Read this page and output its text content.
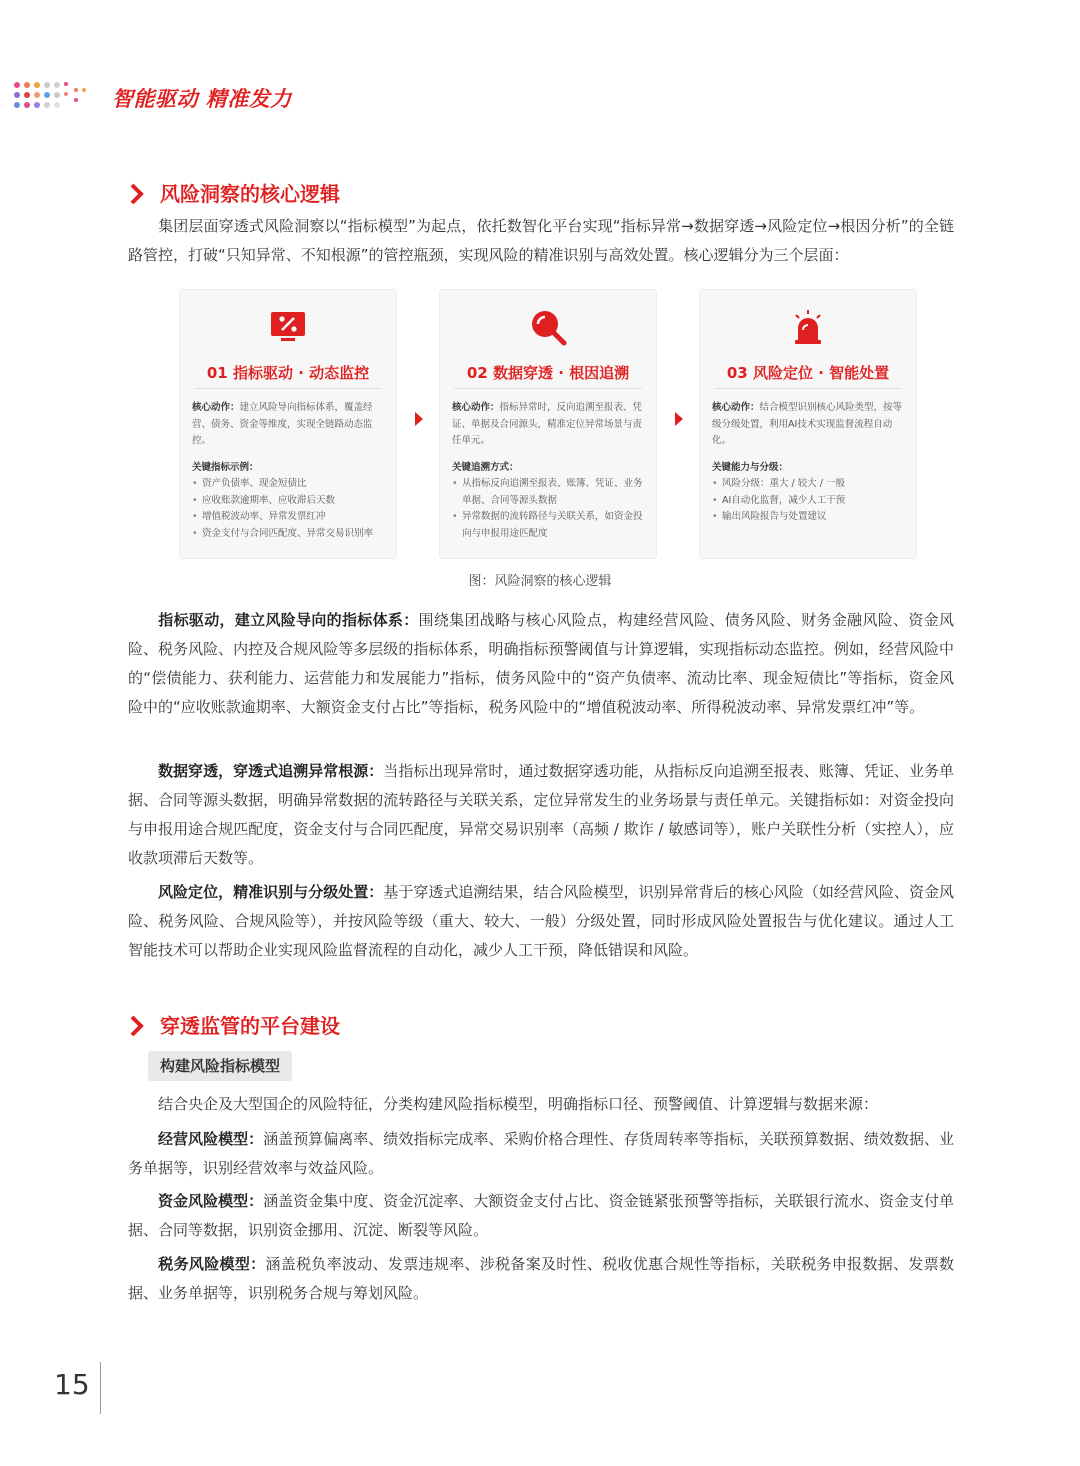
智能驱动 精准发力
风险洞察的核心逻辑
集团层面穿透式风险洞察以“指标模型”为起点，依托数智化平台实现“指标异常→数据穿透→风险定位→根因分析”的全链路管控，打破“只知异常、不知根源”的管控瓶颈，实现风险的精准识别与高效处置。核心逻辑分为三个层面：
01 指标驱动 · 动态监控
核心动作：建立风险导向指标体系，覆盖经营、债务、资金等维度，实现全链路动态监控。
关键指标示例：
• 资产负债率、现金短债比
• 应收账款逾期率、应收滞后天数
• 增值税波动率、异常发票红冲
• 资金支付与合同匹配度、异常交易识别率
02 数据穿透 · 根因追溯
核心动作：指标异常时，反向追溯至报表、凭证、单据及合同源头，精准定位异常场景与责任单元。
关键追溯方式：
• 从指标反向追溯至报表、账簿、凭证、业务单据、合同等源头数据
• 异常数据的流转路径与关联关系，如资金投向与申报用途匹配度
03 风险定位 · 智能处置
核心动作：结合模型识别核心风险类型，按等级分级处置，利用AI技术实现监督流程自动化。
关键能力与分级：
• 风险分级：重大 / 较大 / 一般
• AI自动化监督，减少人工干预
• 输出风险报告与处置建议
图：风险洞察的核心逻辑
指标驱动，建立风险导向的指标体系：围绕集团战略与核心风险点，构建经营风险、债务风险、财务金融风险、资金风险、税务风险、内控及合规风险等多层级的指标体系，明确指标预警阈值与计算逻辑，实现指标动态监控。例如，经营风险中的“偿债能力、获利能力、运营能力和发展能力”指标，债务风险中的“资产负债率、流动比率、现金短债比”等指标，资金风险中的“应收账款逾期率、大额资金支付占比”等指标，税务风险中的“增值税波动率、所得税波动率、异常发票红冲”等。
数据穿透，穿透式追溯异常根源：当指标出现异常时，通过数据穿透功能，从指标反向追溯至报表、账簿、凭证、业务单据、合同等源头数据，明确异常数据的流转路径与关联关系，定位异常发生的业务场景与责任单元。关键指标如：对资金投向与申报用途合规匹配度，资金支付与合同匹配度，异常交易识别率（高频 / 欺诈 / 敏感词等），账户关联性分析（实控人），应收款项滞后天数等。
风险定位，精准识别与分级处置：基于穿透式追溯结果，结合风险模型，识别异常背后的核心风险（如经营风险、资金风险、税务风险、合规风险等），并按风险等级（重大、较大、一般）分级处置，同时形成风险处置报告与优化建议。通过人工智能技术可以帮助企业实现风险监督流程的自动化，减少人工干预，降低错误和风险。
穿透监管的平台建设
构建风险指标模型
结合央企及大型国企的风险特征，分类构建风险指标模型，明确指标口径、预警阈值、计算逻辑与数据来源：
经营风险模型：涵盖预算偏离率、绩效指标完成率、采购价格合理性、存货周转率等指标，关联预算数据、绩效数据、业务单据等，识别经营效率与效益风险。
资金风险模型：涵盖资金集中度、资金沉淀率、大额资金支付占比、资金链紧张预警等指标，关联银行流水、资金支付单据、合同等数据，识别资金挪用、沉淀、断裂等风险。
税务风险模型：涵盖税负率波动、发票违规率、涉税备案及时性、税收优惠合规性等指标，关联税务申报数据、发票数据、业务单据等，识别税务合规与筹划风险。
15
